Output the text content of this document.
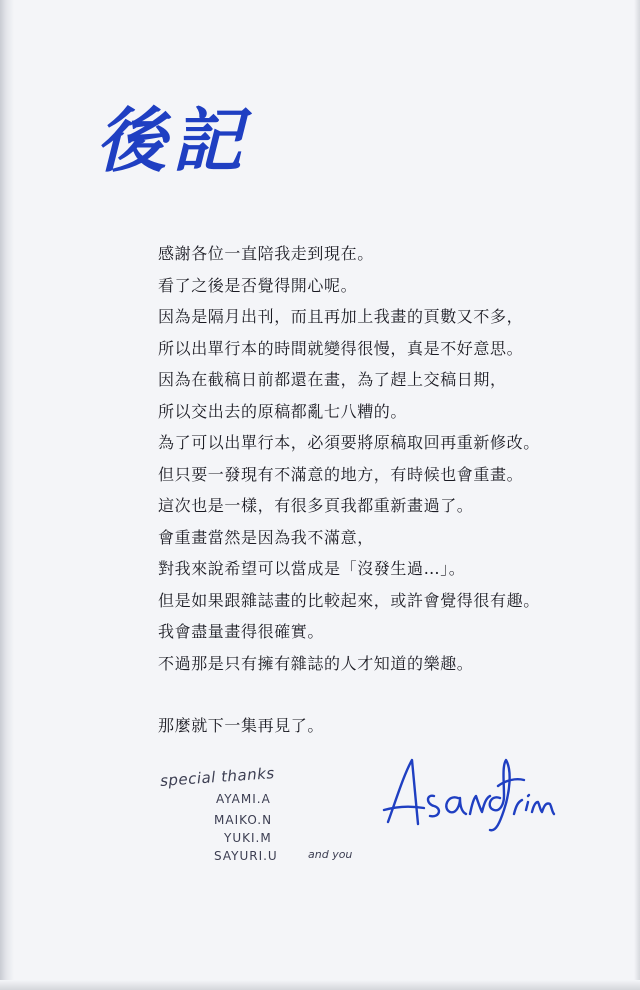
後記
感謝各位一直陪我走到現在。
看了之後是否覺得開心呢。
因為是隔月出刊，而且再加上我畫的頁數又不多，
所以出單行本的時間就變得很慢，真是不好意思。
因為在截稿日前都還在畫，為了趕上交稿日期，
所以交出去的原稿都亂七八糟的。
為了可以出單行本，必須要將原稿取回再重新修改。
但只要一發現有不滿意的地方，有時候也會重畫。
這次也是一樣，有很多頁我都重新畫過了。
會重畫當然是因為我不滿意，
對我來說希望可以當成是「沒發生過…」。
但是如果跟雜誌畫的比較起來，或許會覺得很有趣。
我會盡量畫得很確實。
不過那是只有擁有雜誌的人才知道的樂趣。
那麼就下一集再見了。
special thanks
AYAMI.A
MAIKO.N
YUKI.M
SAYURI.U	and you
